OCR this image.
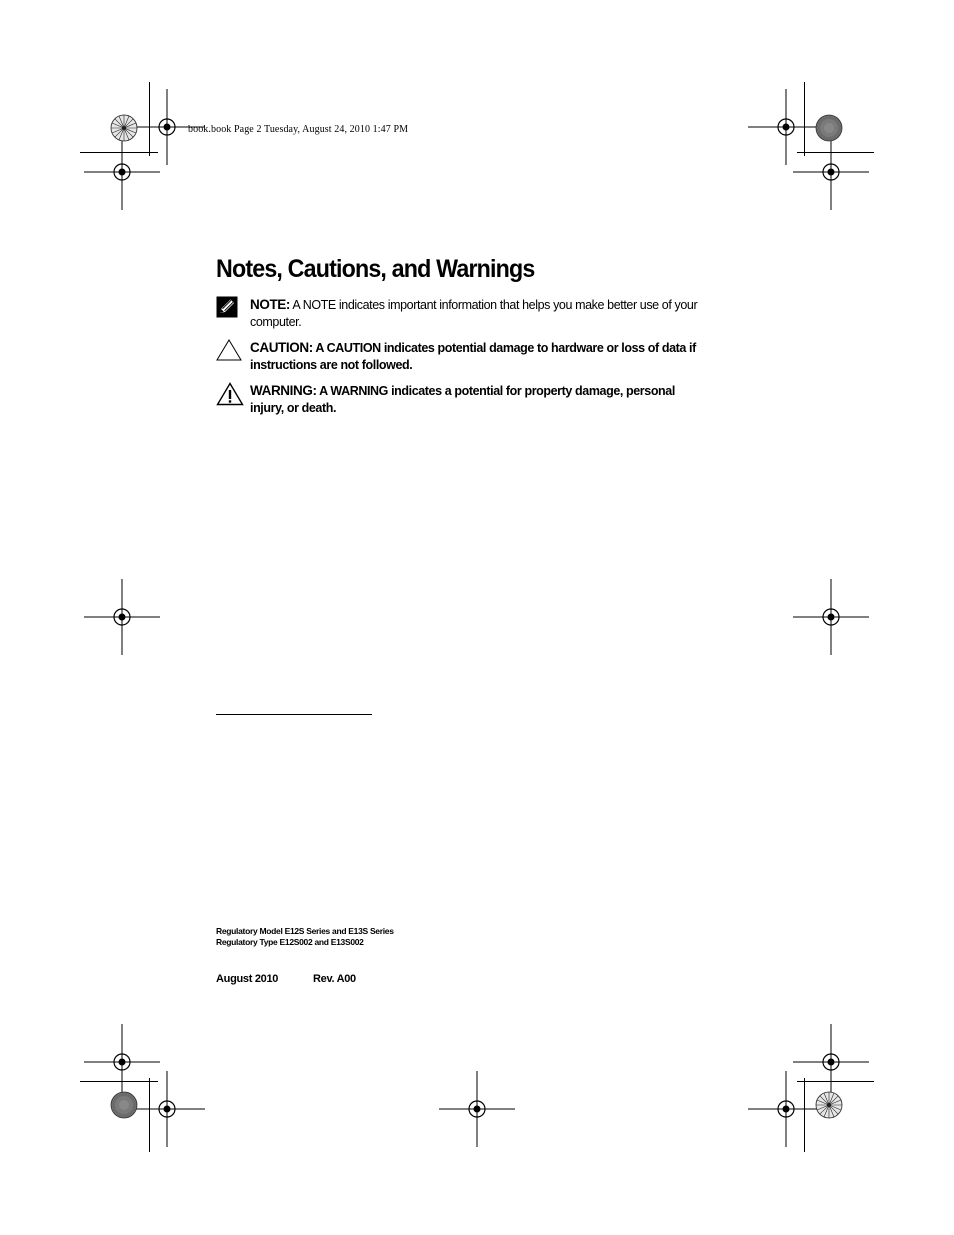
book.book Page 2 Tuesday, August 24, 2010 1:47 PM
Notes, Cautions, and Warnings
NOTE: A NOTE indicates important information that helps you make better use of your computer.
CAUTION: A CAUTION indicates potential damage to hardware or loss of data if instructions are not followed.
WARNING: A WARNING indicates a potential for property damage, personal injury, or death.
Regulatory Model E12S Series and E13S Series
Regulatory Type E12S002 and E13S002
August 2010	Rev. A00
